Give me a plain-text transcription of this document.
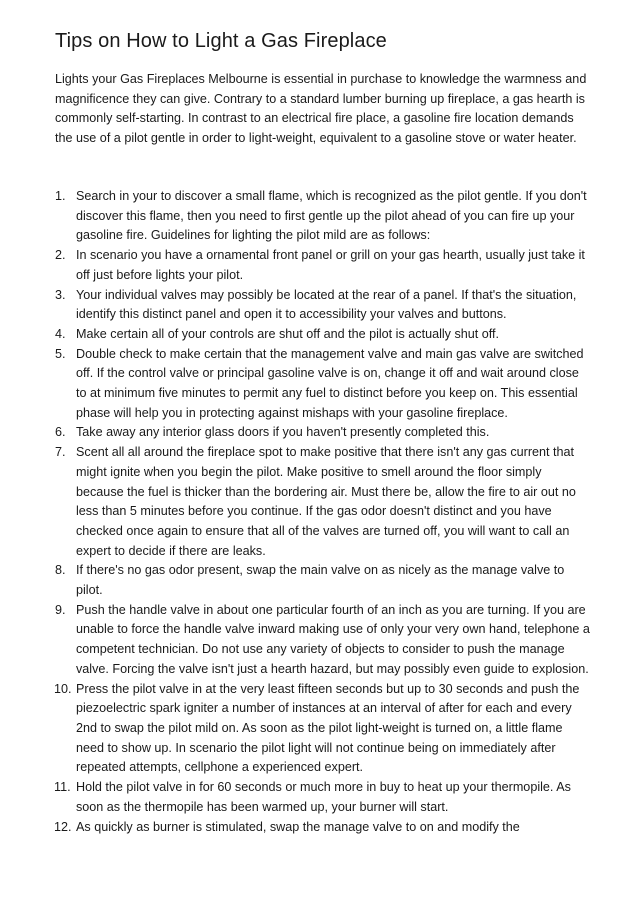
Tips on How to Light a Gas Fireplace

Lights your Gas Fireplaces Melbourne is essential in purchase to knowledge the warmness and magnificence they can give. Contrary to a standard lumber burning up fireplace, a gas hearth is commonly self-starting. In contrast to an electrical fire place, a gasoline fire location demands the use of a pilot gentle in order to light-weight, equivalent to a gasoline stove or water heater.

1. Search in your to discover a small flame, which is recognized as the pilot gentle. If you don't discover this flame, then you need to first gentle up the pilot ahead of you can fire up your gasoline fire. Guidelines for lighting the pilot mild are as follows:
2. In scenario you have a ornamental front panel or grill on your gas hearth, usually just take it off just before lights your pilot.
3. Your individual valves may possibly be located at the rear of a panel. If that's the situation, identify this distinct panel and open it to accessibility your valves and buttons.
4. Make certain all of your controls are shut off and the pilot is actually shut off.
5. Double check to make certain that the management valve and main gas valve are switched off. If the control valve or principal gasoline valve is on, change it off and wait around close to at minimum five minutes to permit any fuel to distinct before you keep on. This essential phase will help you in protecting against mishaps with your gasoline fireplace.
6. Take away any interior glass doors if you haven't presently completed this.
7. Scent all all around the fireplace spot to make positive that there isn't any gas current that might ignite when you begin the pilot. Make positive to smell around the floor simply because the fuel is thicker than the bordering air. Must there be, allow the fire to air out no less than 5 minutes before you continue. If the gas odor doesn't distinct and you have checked once again to ensure that all of the valves are turned off, you will want to call an expert to decide if there are leaks.
8. If there's no gas odor present, swap the main valve on as nicely as the manage valve to pilot.
9. Push the handle valve in about one particular fourth of an inch as you are turning. If you are unable to force the handle valve inward making use of only your very own hand, telephone a competent technician. Do not use any variety of objects to consider to push the manage valve. Forcing the valve isn't just a hearth hazard, but may possibly even guide to explosion.
10. Press the pilot valve in at the very least fifteen seconds but up to 30 seconds and push the piezoelectric spark igniter a number of instances at an interval of after for each and every 2nd to swap the pilot mild on. As soon as the pilot light-weight is turned on, a little flame need to show up. In scenario the pilot light will not continue being on immediately after repeated attempts, cellphone a experienced expert.
11. Hold the pilot valve in for 60 seconds or much more in buy to heat up your thermopile. As soon as the thermopile has been warmed up, your burner will start.
12. As quickly as burner is stimulated, swap the manage valve to on and modify the
